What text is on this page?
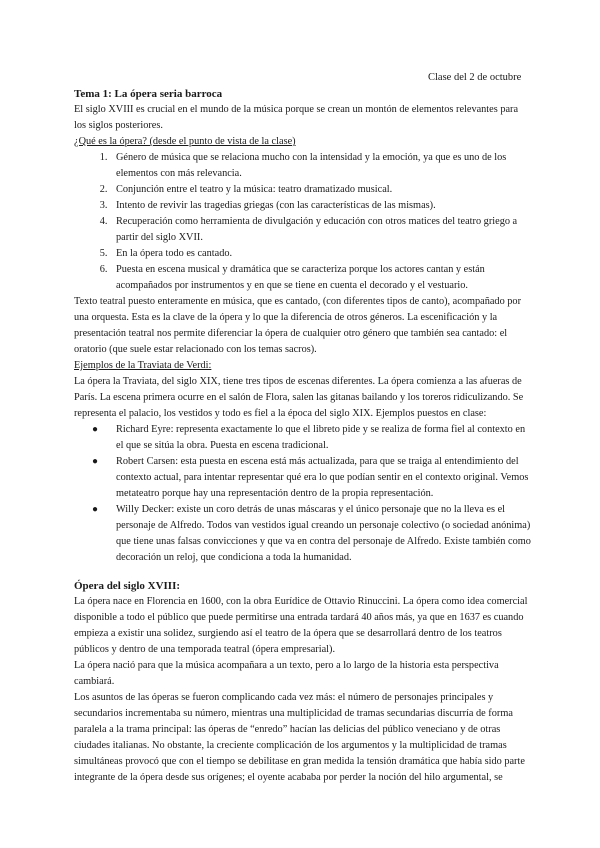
Clase del 2 de octubre

Tema 1: La ópera seria barroca

El siglo XVIII es crucial en el mundo de la música porque se crean un montón de elementos relevantes para los siglos posteriores.

¿Qué es la ópera? (desde el punto de vista de la clase)

1. Género de música que se relaciona mucho con la intensidad y la emoción, ya que es uno de los elementos con más relevancia.
2. Conjunción entre el teatro y la música: teatro dramatizado musical.
3. Intento de revivir las tragedias griegas (con las características de las mismas).
4. Recuperación como herramienta de divulgación y educación con otros matices del teatro griego a partir del siglo XVII.
5. En la ópera todo es cantado.
6. Puesta en escena musical y dramática que se caracteriza porque los actores cantan y están acompañados por instrumentos y en que se tiene en cuenta el decorado y el vestuario.

Texto teatral puesto enteramente en música, que es cantado, (con diferentes tipos de canto), acompañado por una orquesta. Esta es la clave de la ópera y lo que la diferencia de otros géneros. La escenificación y la presentación teatral nos permite diferenciar la ópera de cualquier otro género que también sea cantado: el oratorio (que suele estar relacionado con los temas sacros).

Ejemplos de la Traviata de Verdi:

La ópera la Traviata, del siglo XIX, tiene tres tipos de escenas diferentes. La ópera comienza a las afueras de París. La escena primera ocurre en el salón de Flora, salen las gitanas bailando y los toreros ridiculizando. Se representa el palacio, los vestidos y todo es fiel a la época del siglo XIX. Ejemplos puestos en clase:

● Richard Eyre: representa exactamente lo que el libreto pide y se realiza de forma fiel al contexto en el que se sitúa la obra. Puesta en escena tradicional.
● Robert Carsen: esta puesta en escena está más actualizada, para que se traiga al entendimiento del contexto actual, para intentar representar qué era lo que podían sentir en el contexto original. Vemos metateatro porque hay una representación dentro de la propia representación.
● Willy Decker: existe un coro detrás de unas máscaras y el único personaje que no la lleva es el personaje de Alfredo. Todos van vestidos igual creando un personaje colectivo (o sociedad anónima) que tiene unas falsas convicciones y que va en contra del personaje de Alfredo. Existe también como decoración un reloj, que condiciona a toda la humanidad.

Ópera del siglo XVIII:

La ópera nace en Florencia en 1600, con la obra Eurídice de Ottavio Rinuccini. La ópera como idea comercial disponible a todo el público que puede permitirse una entrada tardará 40 años más, ya que en 1637 es cuando empieza a existir una solidez, surgiendo así el teatro de la ópera que se desarrollará dentro de los teatros públicos y dentro de una temporada teatral (ópera empresarial).

La ópera nació para que la música acompañara a un texto, pero a lo largo de la historia esta perspectiva cambiará.

Los asuntos de las óperas se fueron complicando cada vez más: el número de personajes principales y secundarios incrementaba su número, mientras una multiplicidad de tramas secundarias discurría de forma paralela a la trama principal: las óperas de “enredo” hacían las delicias del público veneciano y de otras ciudades italianas. No obstante, la creciente complicación de los argumentos y la multiplicidad de tramas simultáneas provocó que con el tiempo se debilitase en gran medida la tensión dramática que había sido parte integrante de la ópera desde sus orígenes; el oyente acababa por perder la noción del hilo argumental, se
